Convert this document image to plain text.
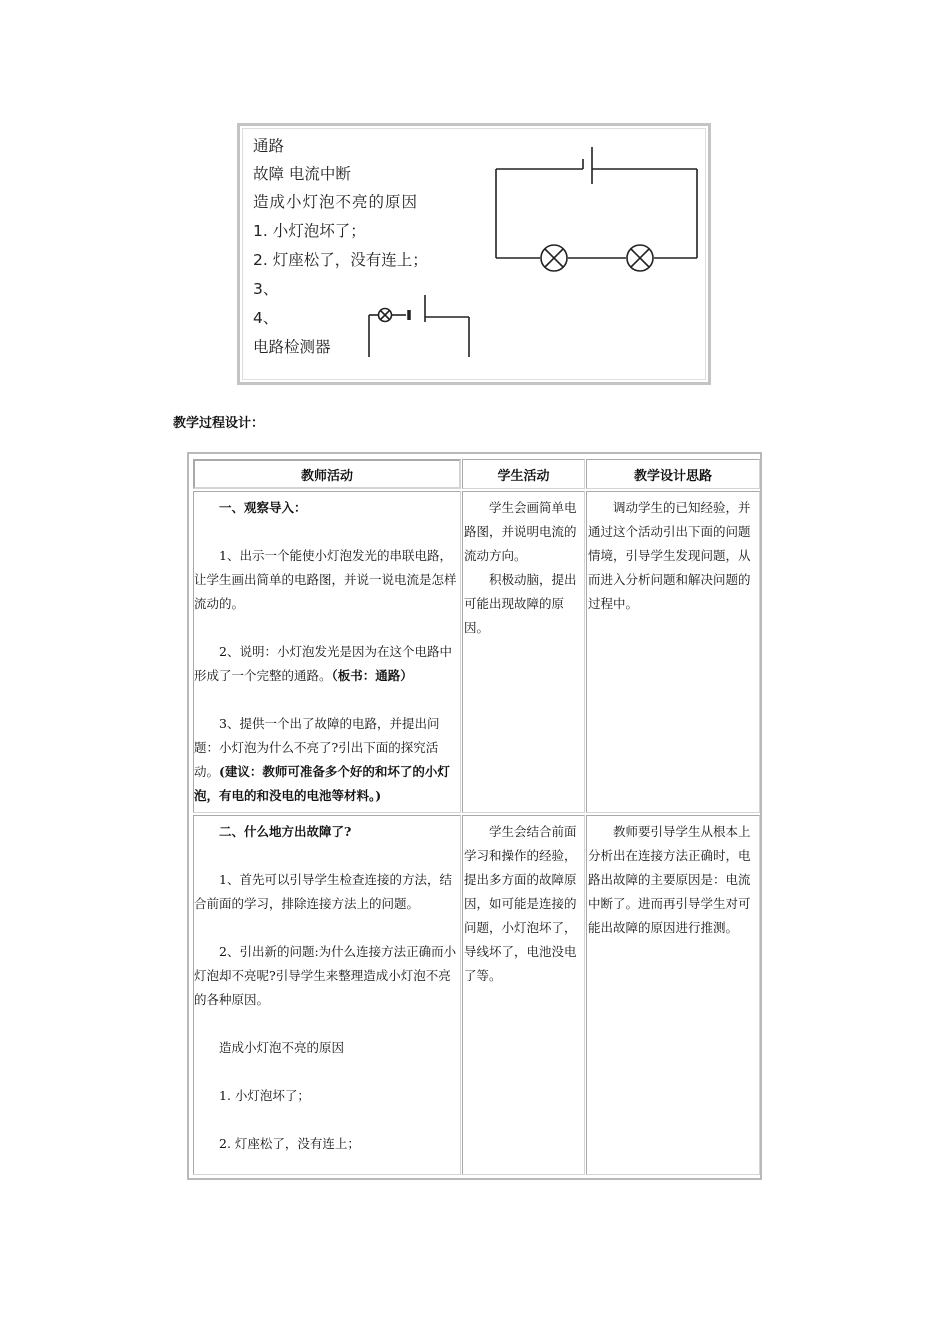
通路
故障 电流中断
造成小灯泡不亮的原因
1. 小灯泡坏了；
2. 灯座松了，没有连上；
3、
4、
电路检测器
教学过程设计：
教师活动	学生活动	教学设计思路

一、观察导入：

1、出示一个能使小灯泡发光的串联电路，让学生画出简单的电路图，并说一说电流是怎样流动的。

2、说明：小灯泡发光是因为在这个电路中形成了一个完整的通路。（板书：通路）

3、提供一个出了故障的电路，并提出问题：小灯泡为什么不亮了?引出下面的探究活动。(建议：教师可准备多个好的和坏了的小灯泡，有电的和没电的电池等材料。)

学生会画简单电路图，并说明电流的流动方向。

积极动脑，提出可能出现故障的原因。

调动学生的已知经验，并通过这个活动引出下面的问题情境，引导学生发现问题，从而进入分析问题和解决问题的过程中。

二、什么地方出故障了?

1、首先可以引导学生检查连接的方法，结合前面的学习，排除连接方法上的问题。

2、引出新的问题:为什么连接方法正确而小灯泡却不亮呢?引导学生来整理造成小灯泡不亮的各种原因。

造成小灯泡不亮的原因

1. 小灯泡坏了；

2. 灯座松了，没有连上；

学生会结合前面学习和操作的经验，提出多方面的故障原因，如可能是连接的问题，小灯泡坏了，导线坏了，电池没电了等。

教师要引导学生从根本上分析出在连接方法正确时，电路出故障的主要原因是：电流中断了。进而再引导学生对可能出故障的原因进行推测。
